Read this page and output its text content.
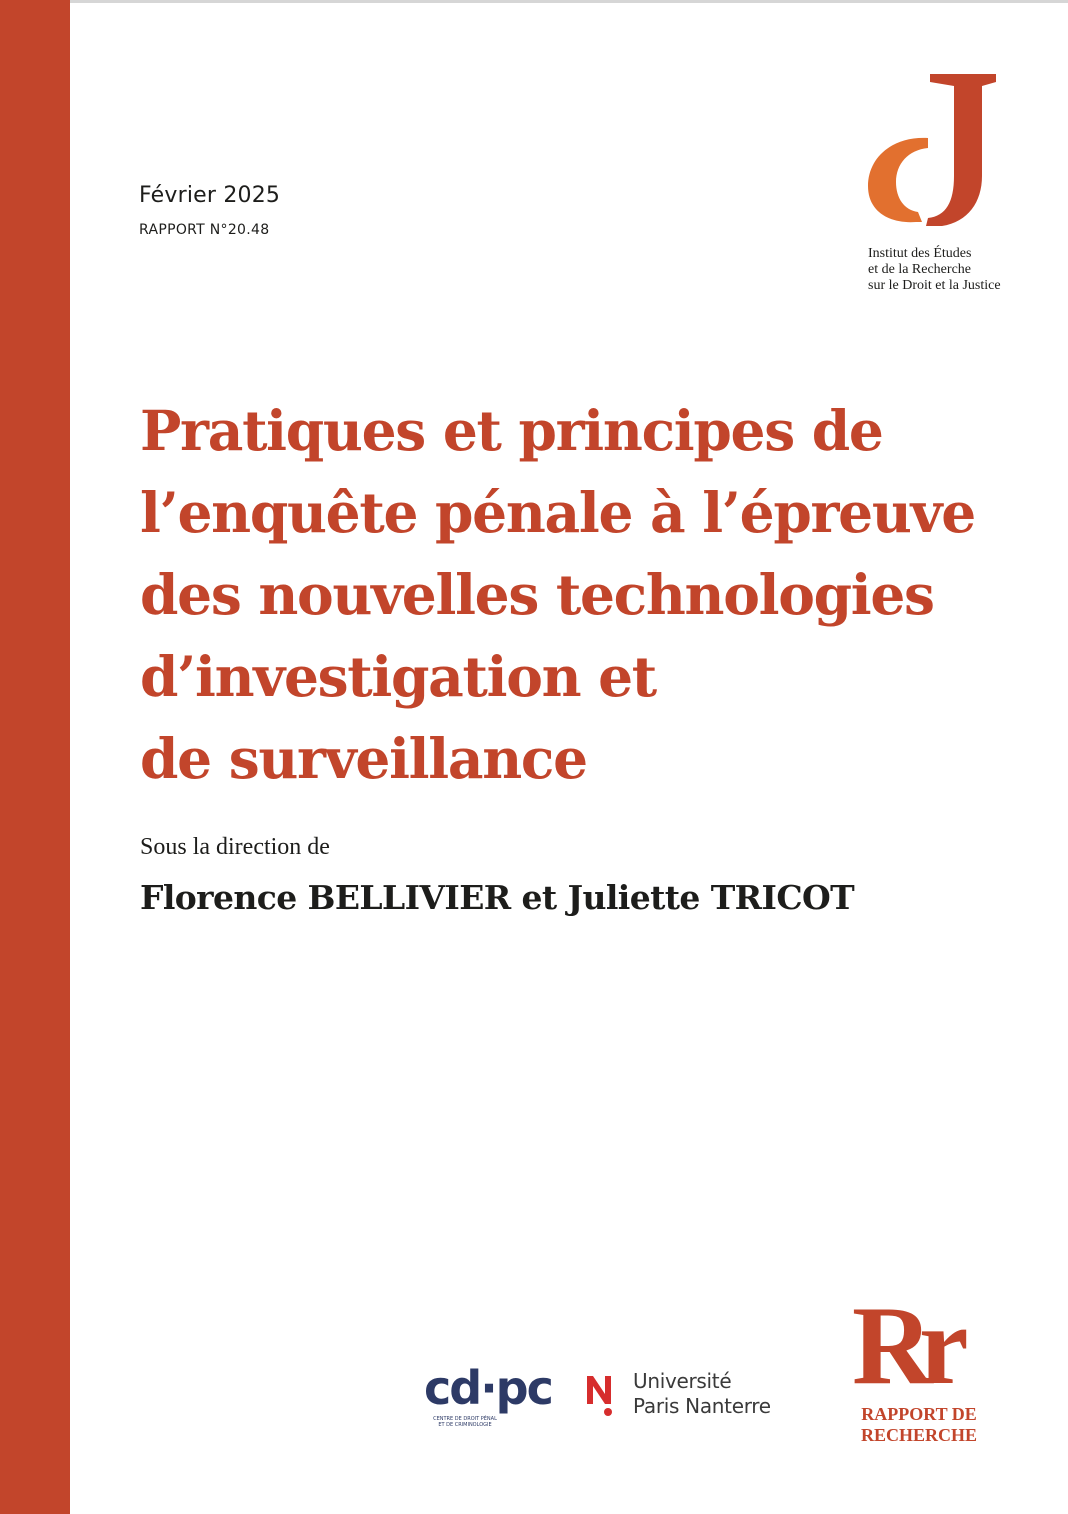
Février 2025
RAPPORT N°20.48
Institut des Études
et de la Recherche
sur le Droit et la Justice
Pratiques et principes de
l’enquête pénale à l’épreuve
des nouvelles technologies
d’investigation et
de surveillance
Sous la direction de
Florence BELLIVIER et Juliette TRICOT
cd·pc
CENTRE DE DROIT PÉNAL
ET DE CRIMINOLOGIE
Université
Paris Nanterre Rr
RAPPORT DE
RECHERCHE
